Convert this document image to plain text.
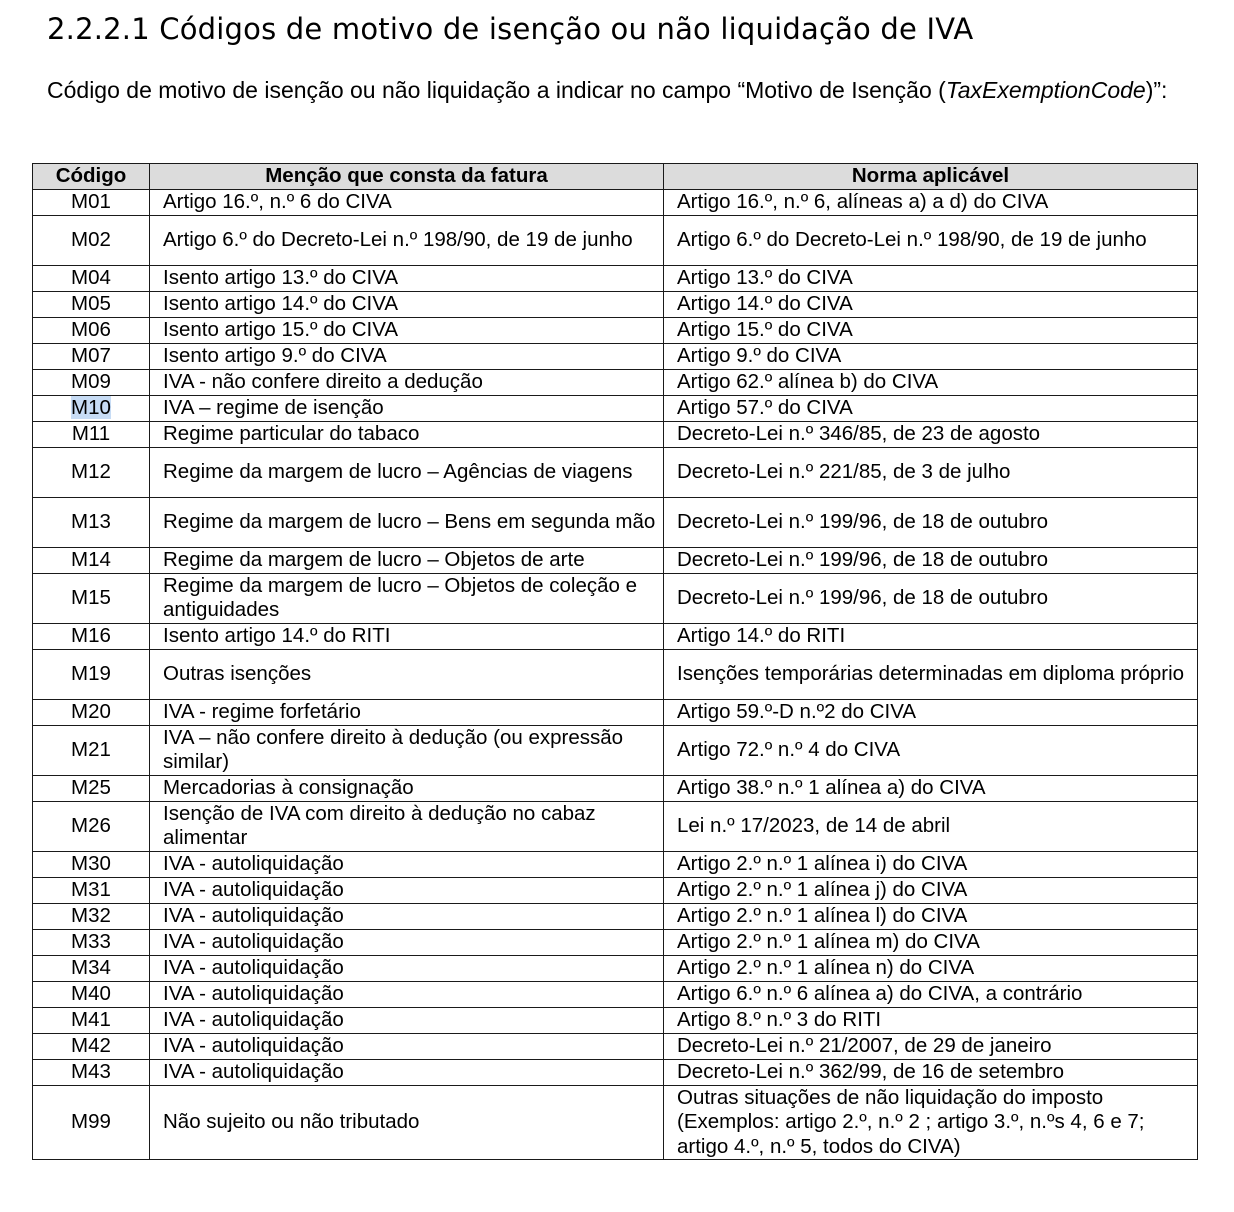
2.2.2.1 Códigos de motivo de isenção ou não liquidação de IVA

Código de motivo de isenção ou não liquidação a indicar no campo “Motivo de Isenção (TaxExemptionCode)”:

Código	Menção que consta da fatura	Norma aplicável
M01	Artigo 16.º, n.º 6 do CIVA	Artigo 16.º, n.º 6, alíneas a) a d) do CIVA
M02	Artigo 6.º do Decreto-Lei n.º 198/90, de 19 de junho	Artigo 6.º do Decreto‐Lei n.º 198/90, de 19 de junho
M04	Isento artigo 13.º do CIVA	Artigo 13.º do CIVA
M05	Isento artigo 14.º do CIVA	Artigo 14.º do CIVA
M06	Isento artigo 15.º do CIVA	Artigo 15.º do CIVA
M07	Isento artigo 9.º do CIVA	Artigo 9.º do CIVA
M09	IVA - não confere direito a dedução	Artigo 62.º alínea b) do CIVA
M10	IVA – regime de isenção	Artigo 57.º do CIVA
M11	Regime particular do tabaco	Decreto-Lei n.º 346/85, de 23 de agosto
M12	Regime da margem de lucro – Agências de viagens	Decreto-Lei n.º 221/85, de 3 de julho
M13	Regime da margem de lucro – Bens em segunda mão	Decreto-Lei n.º 199/96, de 18 de outubro
M14	Regime da margem de lucro – Objetos de arte	Decreto-Lei n.º 199/96, de 18 de outubro
M15	Regime da margem de lucro – Objetos de coleção e antiguidades	Decreto-Lei n.º 199/96, de 18 de outubro
M16	Isento artigo 14.º do RITI	Artigo 14.º do RITI
M19	Outras isenções	Isenções temporárias determinadas em diploma próprio
M20	IVA - regime forfetário	Artigo 59.º-D n.º2 do CIVA
M21	IVA – não confere direito à dedução (ou expressão similar)	Artigo 72.º n.º 4 do CIVA
M25	Mercadorias à consignação	Artigo 38.º n.º 1 alínea a) do CIVA
M26	Isenção de IVA com direito à dedução no cabaz alimentar	Lei n.º 17/2023, de 14 de abril
M30	IVA - autoliquidação	Artigo 2.º n.º 1 alínea i) do CIVA
M31	IVA - autoliquidação	Artigo 2.º n.º 1 alínea j) do CIVA
M32	IVA - autoliquidação	Artigo 2.º n.º 1 alínea l) do CIVA
M33	IVA - autoliquidação	Artigo 2.º n.º 1 alínea m) do CIVA
M34	IVA - autoliquidação	Artigo 2.º n.º 1 alínea n) do CIVA
M40	IVA - autoliquidação	Artigo 6.º n.º 6 alínea a) do CIVA, a contrário
M41	IVA - autoliquidação	Artigo 8.º n.º 3 do RITI
M42	IVA - autoliquidação	Decreto-Lei n.º 21/2007, de 29 de janeiro
M43	IVA - autoliquidação	Decreto-Lei n.º 362/99, de 16 de setembro
M99	Não sujeito ou não tributado	Outras situações de não liquidação do imposto (Exemplos: artigo 2.º, n.º 2 ; artigo 3.º, n.ºs 4, 6 e 7; artigo 4.º, n.º 5, todos do CIVA)
